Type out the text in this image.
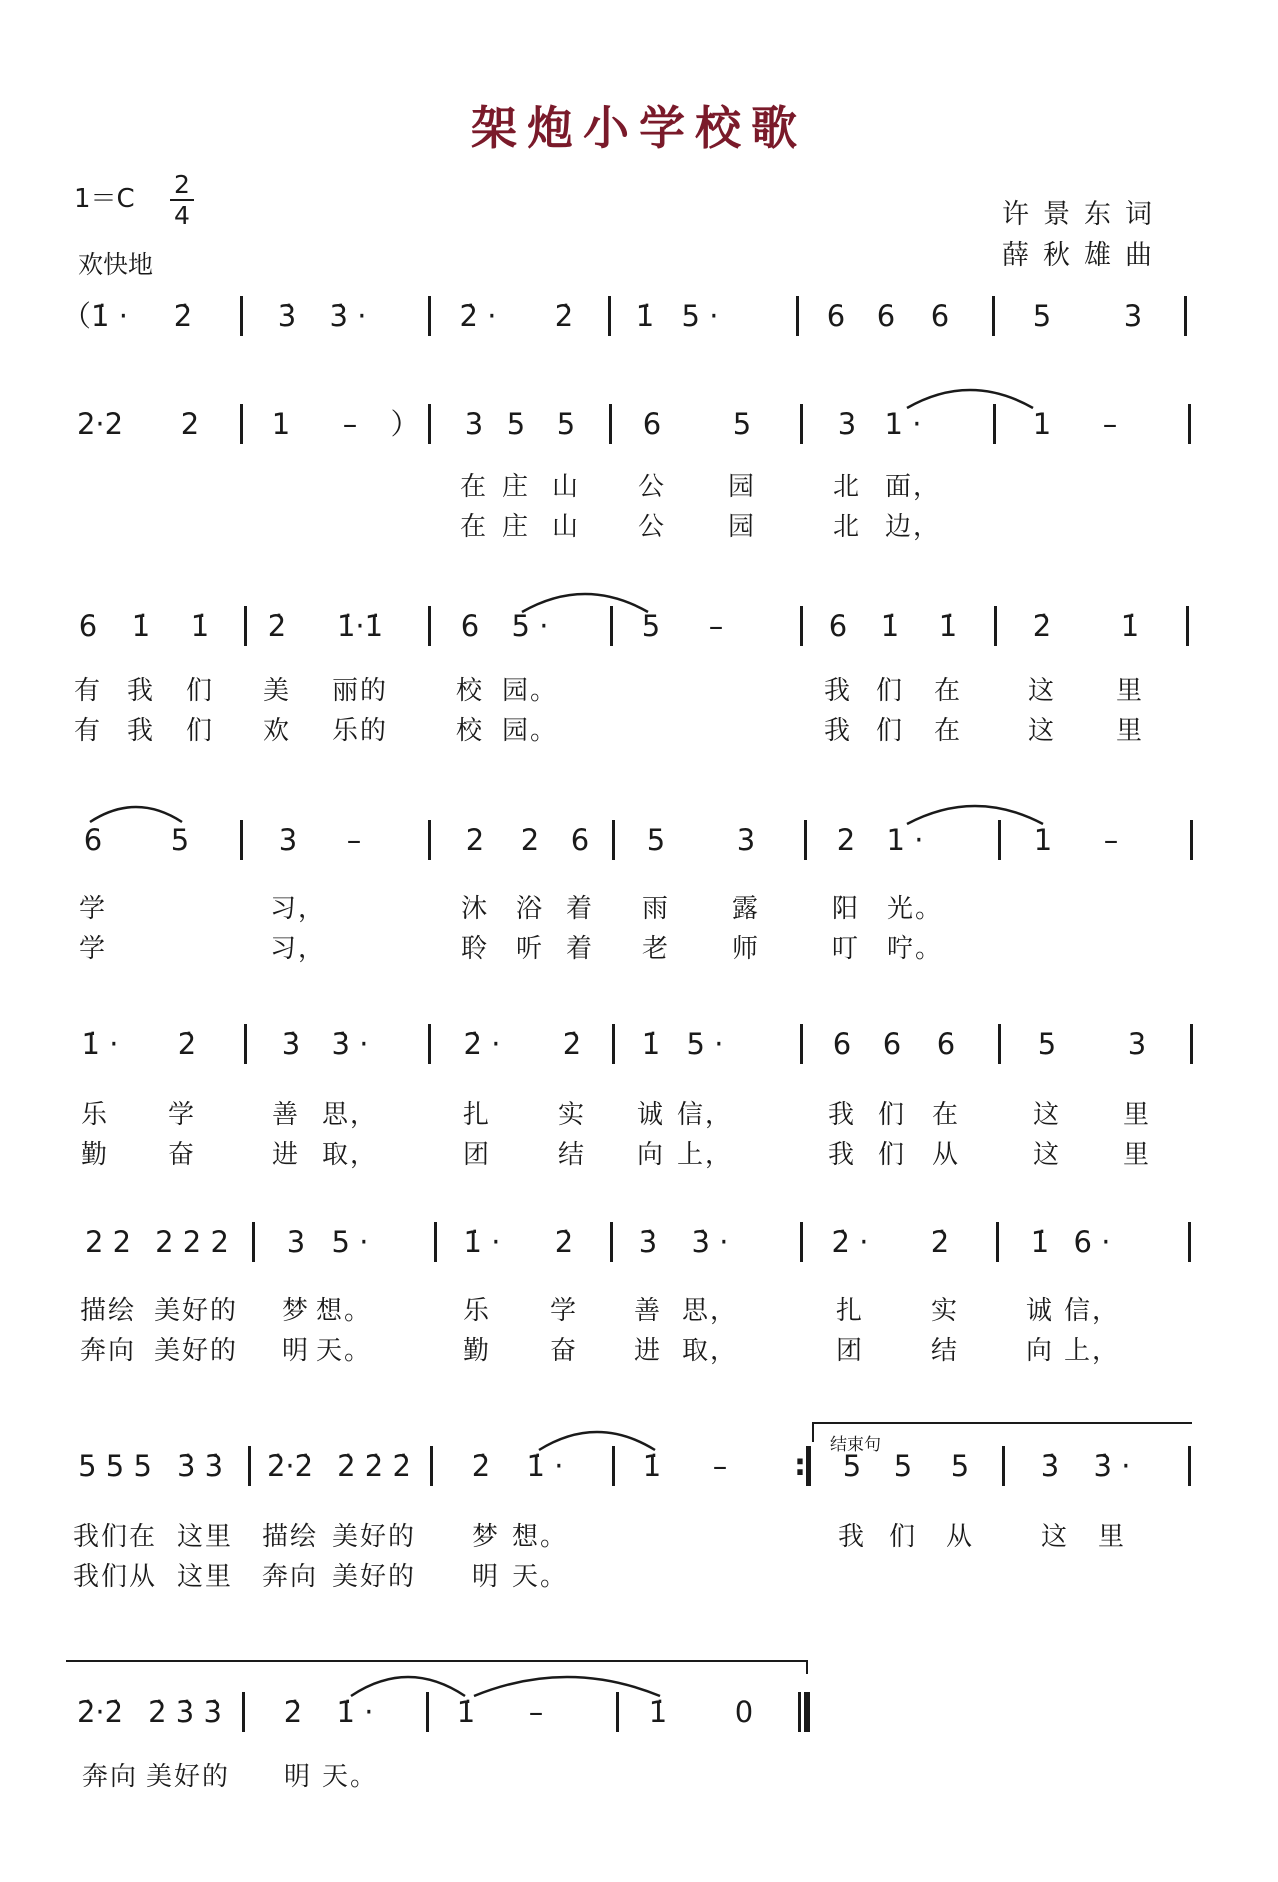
架炮小学校歌
1＝C 2
4
欢快地
许景东词
薛秋雄曲
（1̇ · 2̇	3̇ 3̇ ·	2̇ · 2̇ 1̇ 5 ·	6 6 6	5	3
2·2 2	1 – ） 3 5 5 6 5	3 1 ·	1 –
在 庄 山 公 园	北 面，
在 庄 山 公 园	北 边，
6 1̇ 1̇ 2̇ 1̇·1̇	6 5 ·	5 –	6 1̇ 1̇	2̇ 1̇
有 我 们 美 丽的	校 园。	我 们 在	这 里
有 我 们 欢 乐的	校 园。	我 们 在	这 里
6 5	3 –	2 2 6 5 3	2 1 ·	1 –
学	习，	沐 浴 着 雨 露	阳 光。
学	习，	聆 听 着 老 师	叮 咛。
1̇ · 2̇	3̇ 3̇ ·	2̇ · 2̇ 1̇ 5 ·	6 6 6	5 3
乐 学	善 思，	扎	实 诚 信，	我 们 在	这 里
勤 奋	进 取，	团	结 向 上，	我 们 从	这 里
2 2 2 2 2 3 5 ·	1̇ · 2̇ 3̇ 3̇ ·	2̇ · 2̇	1̇ 6 ·
描绘 美好的 梦 想。	乐 学 善 思，	扎	实	诚 信，
奔向 美好的 明 天。	勤 奋 进 取，	团	结	向 上，
结束句
5 5 5 3̇ 3̇ 2̇·2̇ 2̇ 2̇ 2̇ 2̇ 1̇ ·	1̇ – : 5 5 5 3̇ 3̇ ·
我们在 这里 描绘 美好的 梦 想。	我 们 从	这 里
我们从 这里 奔向 美好的 明 天。
2̇·2̇ 2̇ 3̇ 3̇ 2̇ 1̇ ·	1̇ –	1̇ 0
奔向 美好的 明 天。
